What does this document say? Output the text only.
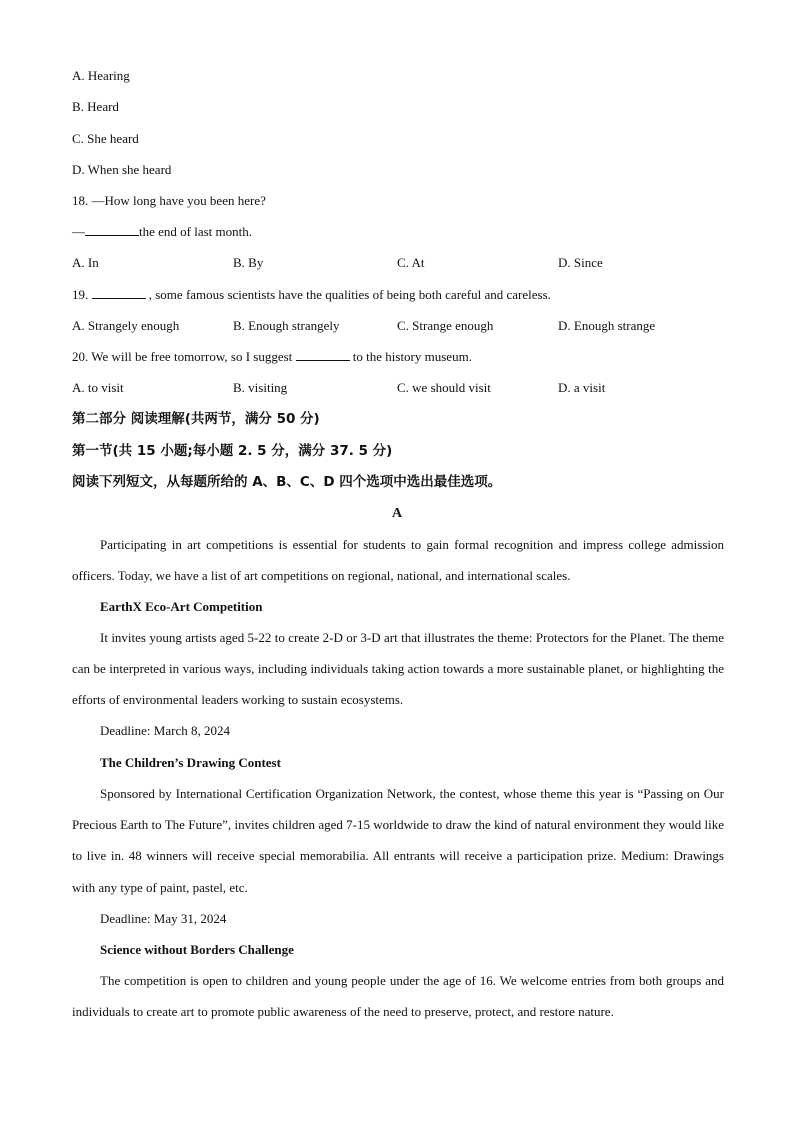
A. Hearing
B. Heard
C. She heard
D. When she heard
18. —How long have you been here?
—	the end of last month.
A. In	B. By	C. At	D. Since
19.	, some famous scientists have the qualities of being both careful and careless.
A. Strangely enough	B. Enough strangely	C. Strange enough	D. Enough strange
20. We will be free tomorrow, so I suggest	to the history museum.
A. to visit	B. visiting	C. we should visit	D. a visit
第二部分 阅读理解(共两节，满分 50 分)
第一节(共 15 小题;每小题 2. 5 分，满分 37. 5 分)
阅读下列短文，从每题所给的 A、B、C、D 四个选项中选出最佳选项。
A
Participating in art competitions is essential for students to gain formal recognition and impress college admission officers. Today, we have a list of art competitions on regional, national, and international scales.
EarthX Eco-Art Competition
It invites young artists aged 5-22 to create 2-D or 3-D art that illustrates the theme: Protectors for the Planet. The theme can be interpreted in various ways, including individuals taking action towards a more sustainable planet, or highlighting the efforts of environmental leaders working to sustain ecosystems.
Deadline: March 8, 2024
The Children’s Drawing Contest
Sponsored by International Certification Organization Network, the contest, whose theme this year is “Passing on Our Precious Earth to The Future”, invites children aged 7-15 worldwide to draw the kind of natural environment they would like to live in. 48 winners will receive special memorabilia. All entrants will receive a participation prize. Medium: Drawings with any type of paint, pastel, etc.
Deadline: May 31, 2024
Science without Borders Challenge
The competition is open to children and young people under the age of 16. We welcome entries from both groups and individuals to create art to promote public awareness of the need to preserve, protect, and restore nature.
